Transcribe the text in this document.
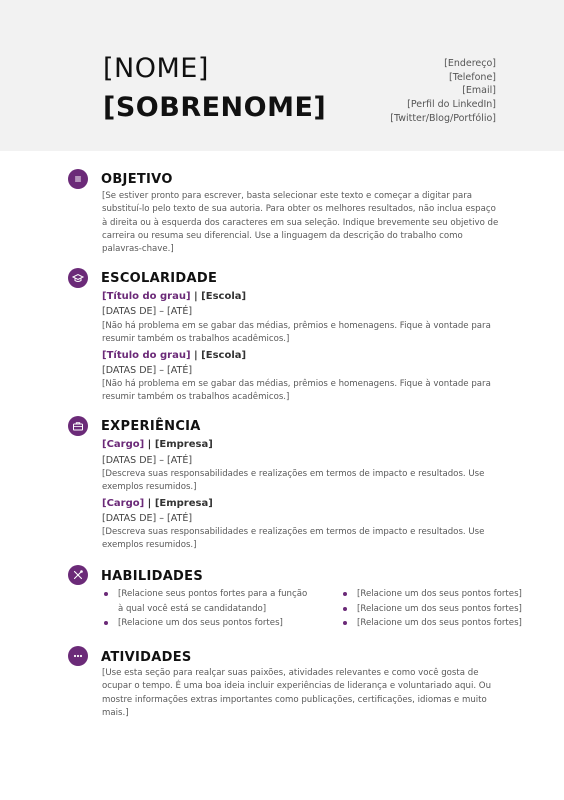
[NOME]
[SOBRENOME]
[Endereço]
[Telefone]
[Email]
[Perfil do LinkedIn]
[Twitter/Blog/Portfólio]
OBJETIVO
[Se estiver pronto para escrever, basta selecionar este texto e começar a digitar para substituí-lo pelo texto de sua autoria. Para obter os melhores resultados, não inclua espaço à direita ou à esquerda dos caracteres em sua seleção. Indique brevemente seu objetivo de carreira ou resuma seu diferencial. Use a linguagem da descrição do trabalho como palavras-chave.]
ESCOLARIDADE
[Título do grau] | [Escola]
[DATAS DE] – [ATÉ]
[Não há problema em se gabar das médias, prêmios e homenagens. Fique à vontade para resumir também os trabalhos acadêmicos.]
[Título do grau] | [Escola]
[DATAS DE] – [ATÉ]
[Não há problema em se gabar das médias, prêmios e homenagens. Fique à vontade para resumir também os trabalhos acadêmicos.]
EXPERIÊNCIA
[Cargo] | [Empresa]
[DATAS DE] – [ATÉ]
[Descreva suas responsabilidades e realizações em termos de impacto e resultados. Use exemplos resumidos.]
[Cargo] | [Empresa]
[DATAS DE] – [ATÉ]
[Descreva suas responsabilidades e realizações em termos de impacto e resultados. Use exemplos resumidos.]
HABILIDADES
[Relacione seus pontos fortes para a função à qual você está se candidatando]
[Relacione um dos seus pontos fortes]
[Relacione um dos seus pontos fortes]
[Relacione um dos seus pontos fortes]
[Relacione um dos seus pontos fortes]
ATIVIDADES
[Use esta seção para realçar suas paixões, atividades relevantes e como você gosta de ocupar o tempo. É uma boa ideia incluir experiências de liderança e voluntariado aqui. Ou mostre informações extras importantes como publicações, certificações, idiomas e muito mais.]
